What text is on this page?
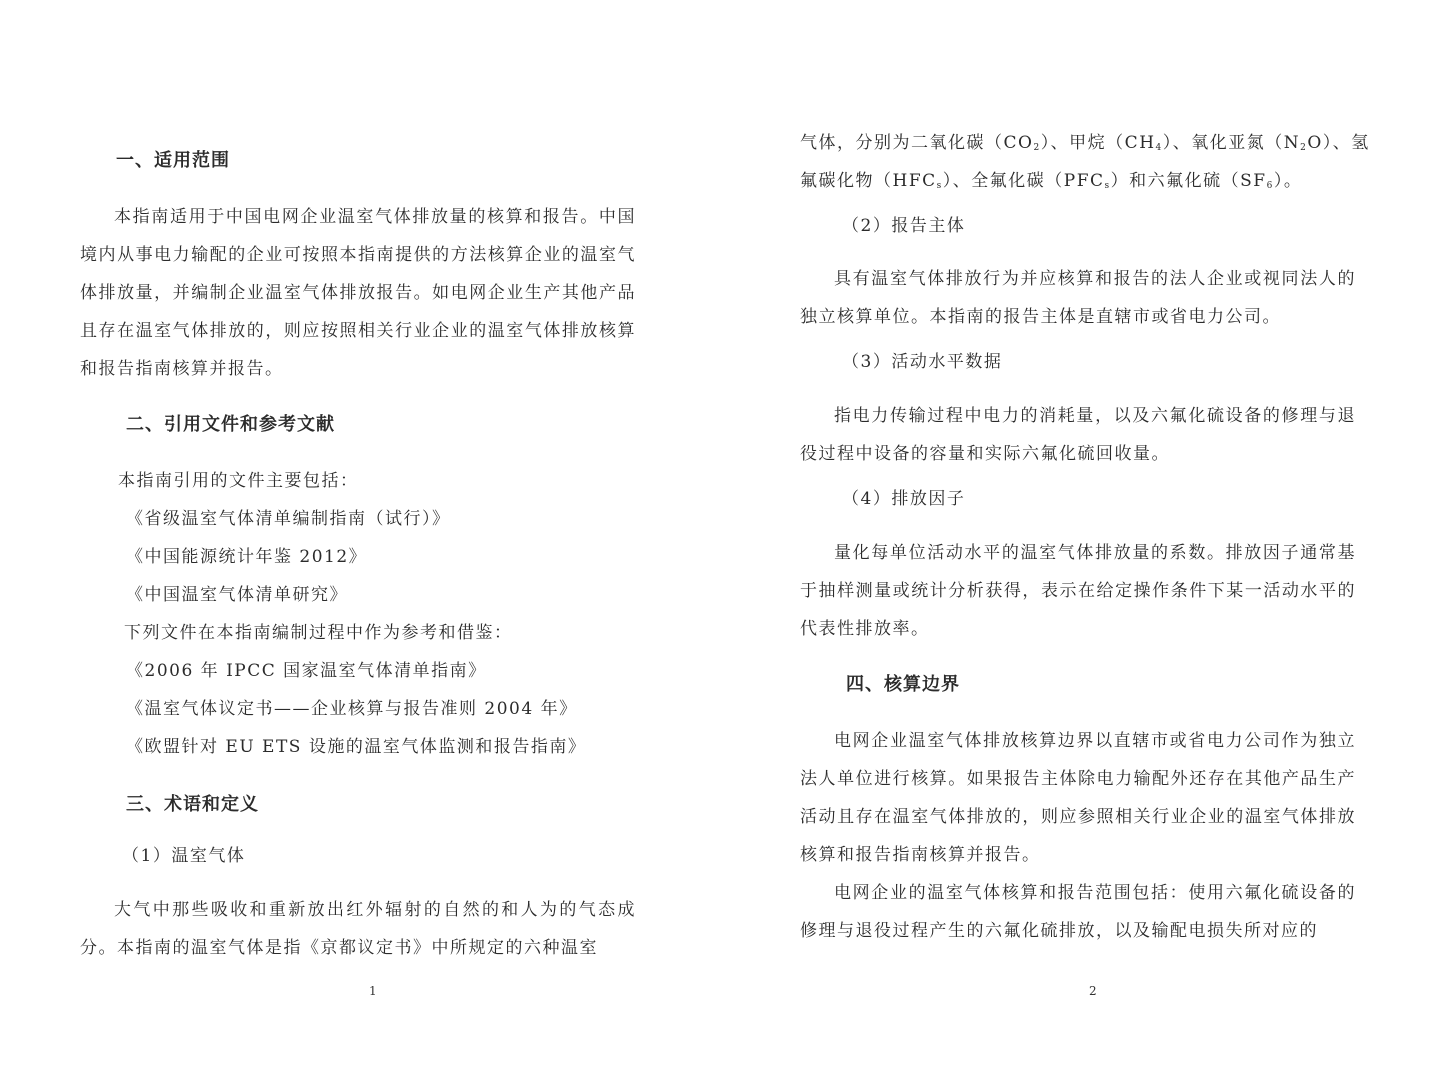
一、适用范围

本指南适用于中国电网企业温室气体排放量的核算和报告。中国境内从事电力输配的企业可按照本指南提供的方法核算企业的温室气体排放量，并编制企业温室气体排放报告。如电网企业生产其他产品且存在温室气体排放的，则应按照相关行业企业的温室气体排放核算和报告指南核算并报告。

二、引用文件和参考文献
本指南引用的文件主要包括：
《省级温室气体清单编制指南（试行）》
《中国能源统计年鉴 2012》
《中国温室气体清单研究》
下列文件在本指南编制过程中作为参考和借鉴：
《2006 年 IPCC 国家温室气体清单指南》
《温室气体议定书——企业核算与报告准则 2004 年》
《欧盟针对 EU ETS 设施的温室气体监测和报告指南》
三、术语和定义
（1）温室气体

大气中那些吸收和重新放出红外辐射的自然的和人为的气态成分。本指南的温室气体是指《京都议定书》中所规定的六种温室

1
气体，分别为二氧化碳$(CO_2)$、甲烷$(CH_4)$、氧化亚氮$(N_2O)$、氢
氟碳化物$(HFC_s)$、全氟化碳$(PFC_s)$和六氟化硫$(SF_6)$。
（2）报告主体

具有温室气体排放行为并应核算和报告的法人企业或视同法人的独立核算单位。本指南的报告主体是直辖市或省电力公司。

（3）活动水平数据

指电力传输过程中电力的消耗量，以及六氟化硫设备的修理与退役过程中设备的容量和实际六氟化硫回收量。

（4）排放因子

量化每单位活动水平的温室气体排放量的系数。排放因子通常基于抽样测量或统计分析获得，表示在给定操作条件下某一活动水平的代表性排放率。

四、核算边界

电网企业温室气体排放核算边界以直辖市或省电力公司作为独立法人单位进行核算。如果报告主体除电力输配外还存在其他产品生产活动且存在温室气体排放的，则应参照相关行业企业的温室气体排放核算和报告指南核算并报告。

电网企业的温室气体核算和报告范围包括：使用六氟化硫设备的修理与退役过程产生的六氟化硫排放，以及输配电损失所对应的

2
